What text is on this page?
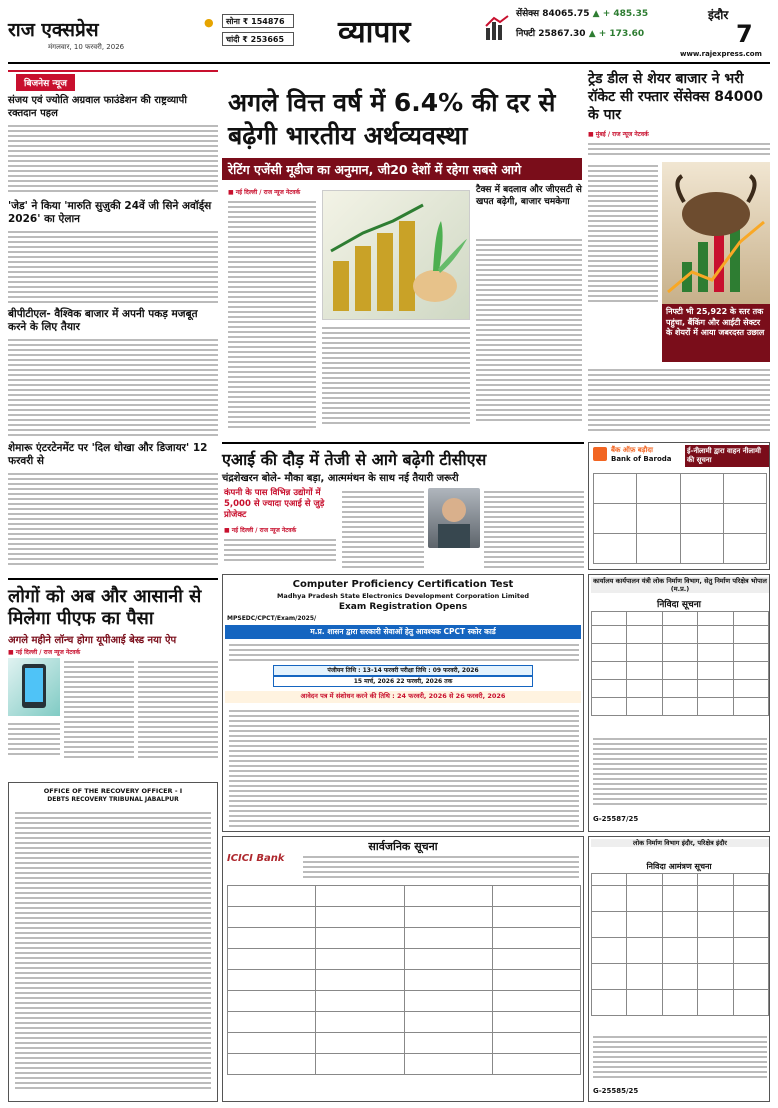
राज एक्सप्रेस
मंगलवार, 10 फरवरी, 2026
●	सोना ₹ 154876
चांदी ₹ 253665	व्यापार
सेंसेक्स 84065.75 ▲ + 485.35
निफ्टी 25867.30 ▲ + 173.60
इंदौर
7
www.rajexpress.com
बिजनेस न्यूज
संजय एवं ज्योति अग्रवाल फाउंडेशन की राष्ट्रव्यापी रक्तदान पहल
'जेड' ने किया 'मारुति सुज़ुकी 24वें जी सिने अवॉर्ड्स 2026' का ऐलान
बीपीटीएल- वैश्विक बाजार में अपनी पकड़ मजबूत करने के लिए तैयार
शेमारू एंटरटेनमेंट पर 'दिल धोखा और डिजायर' 12 फरवरी से
अगले वित्त वर्ष में 6.4% की दर से बढ़ेगी भारतीय अर्थव्यवस्था
रेटिंग एजेंसी मूडीज का अनुमान, जी20 देशों में रहेगा सबसे आगे
■ नई दिल्ली / राज न्यूज नेटवर्क	टैक्स में बदलाव और जीएसटी से खपत बढ़ेगी, बाजार चमकेगा
ट्रेड डील से शेयर बाजार ने भरी रॉकेट सी रफ्तार सेंसेक्स 84000 के पार
■ मुंबई / राज न्यूज नेटवर्क
निफ्टी भी 25,922 के स्तर तक पहुंचा, बैंकिंग और आईटी सेक्टर के शेयरों में आया जबरदस्त उछाल
एआई की दौड़ में तेजी से आगे बढ़ेगी टीसीएस
चंद्रशेखरन बोले- मौका बड़ा, आत्ममंथन के साथ नई तैयारी जरूरी
कंपनी के पास विभिन्न उद्योगों में 5,000 से ज्यादा एआई से जुड़े प्रोजेक्ट
■ नई दिल्ली / राज न्यूज नेटवर्क
बैंक ऑफ़ बड़ौदा
Bank of Baroda
ई-नीलामी द्वारा वाहन नीलामी की सूचना

लोगों को अब और आसानी से मिलेगा पीएफ का पैसा
अगले महीने लॉन्च होगा यूपीआई बेस्ड नया ऐप
■ नई दिल्ली / राज न्यूज नेटवर्क
OFFICE OF THE RECOVERY OFFICER - I
DEBTS RECOVERY TRIBUNAL JABALPUR
Computer Proficiency Certification Test
Madhya Pradesh State Electronics Development Corporation Limited
Exam Registration Opens
MPSEDC/CPCT/Exam/2025/
म.प्र. शासन द्वारा सरकारी सेवाओं हेतु आवश्यक CPCT स्कोर कार्ड
पंजीयन तिथि : 13-14 फरवरी परीक्षा तिथि : 09 फरवरी, 2026
15 मार्च, 2026 22 फरवरी, 2026 तक
आवेदन पत्र में संशोधन करने की तिथि : 24 फरवरी, 2026 से 26 फरवरी, 2026
सार्वजनिक सूचना
ICICI Bank

कार्यालय कार्यपालन यंत्री लोक निर्माण विभाग, सेतु निर्माण परिक्षेत्र भोपाल (म.प्र.)
निविदा सूचना

G-25587/25
लोक निर्माण विभाग इंदौर, परिक्षेत्र इंदौर
निविदा आमंत्रण सूचना

G-25585/25
